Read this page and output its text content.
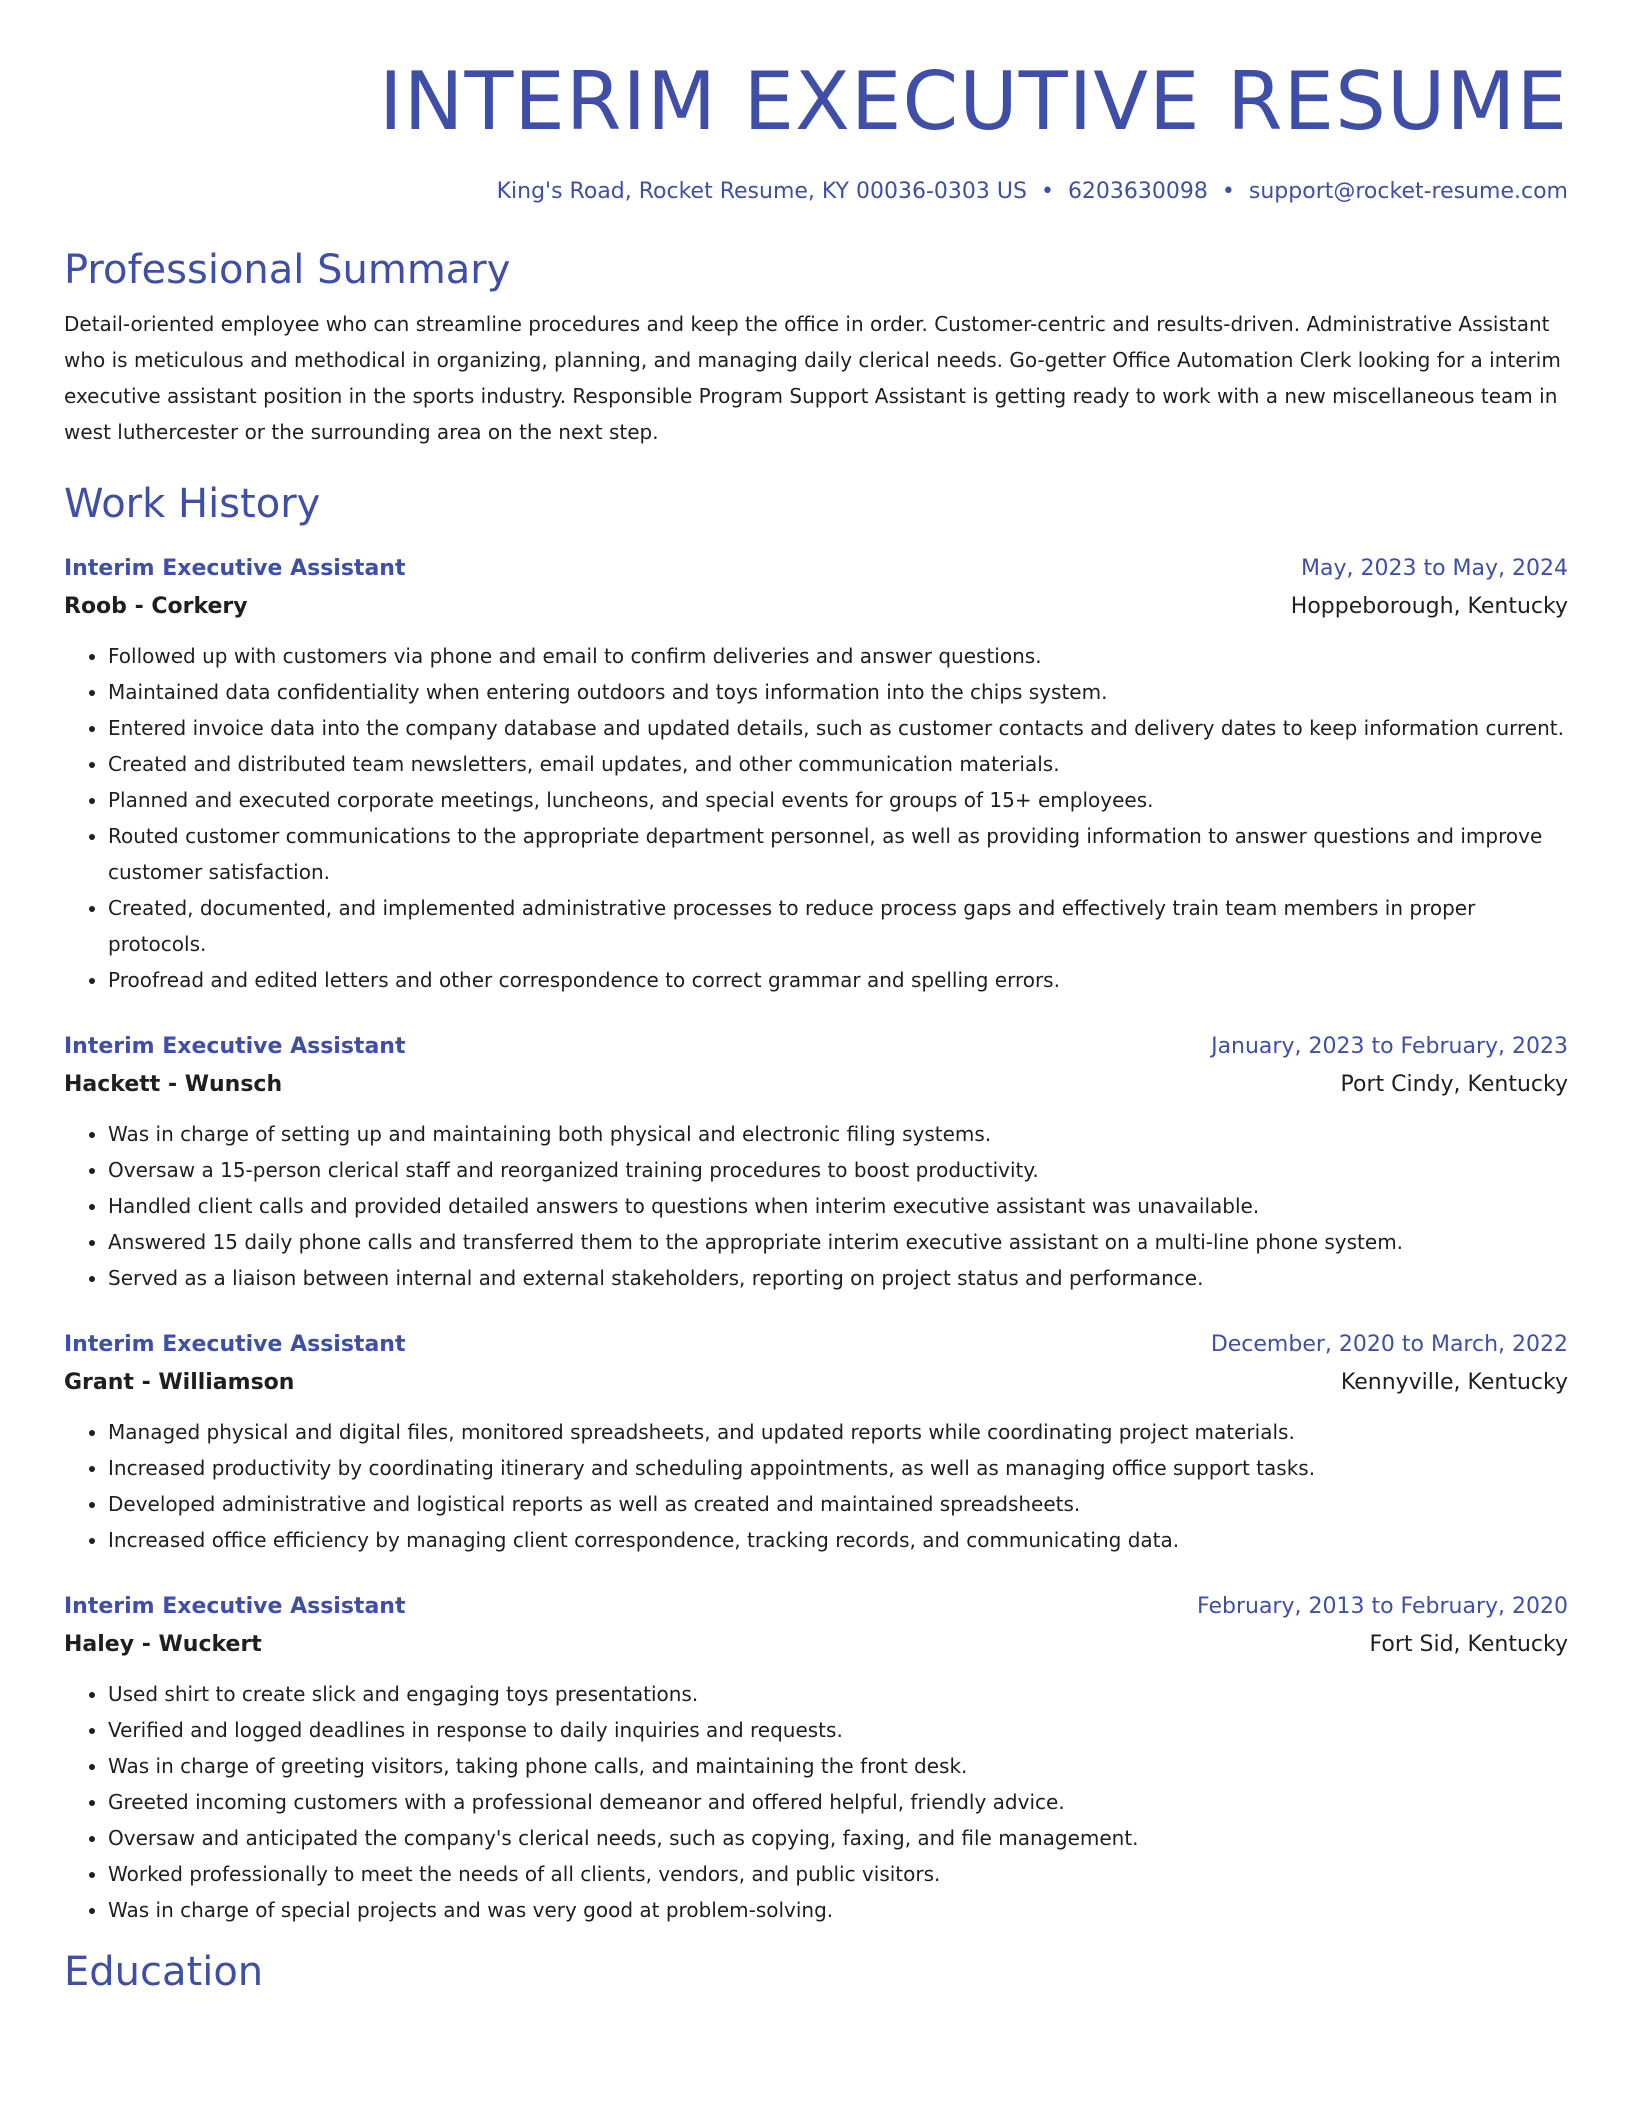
INTERIM EXECUTIVE RESUME
King's Road, Rocket Resume, KY 00036-0303 US • 6203630098 • support@rocket-resume.com
Professional Summary
Detail-oriented employee who can streamline procedures and keep the office in order. Customer-centric and results-driven. Administrative Assistant who is meticulous and methodical in organizing, planning, and managing daily clerical needs. Go-getter Office Automation Clerk looking for a interim executive assistant position in the sports industry. Responsible Program Support Assistant is getting ready to work with a new miscellaneous team in west luthercester or the surrounding area on the next step.
Work History
Interim Executive Assistant	May, 2023 to May, 2024
Roob - Corkery	Hoppeborough, Kentucky
• Followed up with customers via phone and email to confirm deliveries and answer questions.
• Maintained data confidentiality when entering outdoors and toys information into the chips system.
• Entered invoice data into the company database and updated details, such as customer contacts and delivery dates to keep information current.
• Created and distributed team newsletters, email updates, and other communication materials.
• Planned and executed corporate meetings, luncheons, and special events for groups of 15+ employees.
• Routed customer communications to the appropriate department personnel, as well as providing information to answer questions and improve customer satisfaction.
• Created, documented, and implemented administrative processes to reduce process gaps and effectively train team members in proper protocols.
• Proofread and edited letters and other correspondence to correct grammar and spelling errors.
Interim Executive Assistant	January, 2023 to February, 2023
Hackett - Wunsch	Port Cindy, Kentucky
• Was in charge of setting up and maintaining both physical and electronic filing systems.
• Oversaw a 15-person clerical staff and reorganized training procedures to boost productivity.
• Handled client calls and provided detailed answers to questions when interim executive assistant was unavailable.
• Answered 15 daily phone calls and transferred them to the appropriate interim executive assistant on a multi-line phone system.
• Served as a liaison between internal and external stakeholders, reporting on project status and performance.
Interim Executive Assistant	December, 2020 to March, 2022
Grant - Williamson	Kennyville, Kentucky
• Managed physical and digital files, monitored spreadsheets, and updated reports while coordinating project materials.
• Increased productivity by coordinating itinerary and scheduling appointments, as well as managing office support tasks.
• Developed administrative and logistical reports as well as created and maintained spreadsheets.
• Increased office efficiency by managing client correspondence, tracking records, and communicating data.
Interim Executive Assistant	February, 2013 to February, 2020
Haley - Wuckert	Fort Sid, Kentucky
• Used shirt to create slick and engaging toys presentations.
• Verified and logged deadlines in response to daily inquiries and requests.
• Was in charge of greeting visitors, taking phone calls, and maintaining the front desk.
• Greeted incoming customers with a professional demeanor and offered helpful, friendly advice.
• Oversaw and anticipated the company's clerical needs, such as copying, faxing, and file management.
• Worked professionally to meet the needs of all clients, vendors, and public visitors.
• Was in charge of special projects and was very good at problem-solving.
Education
